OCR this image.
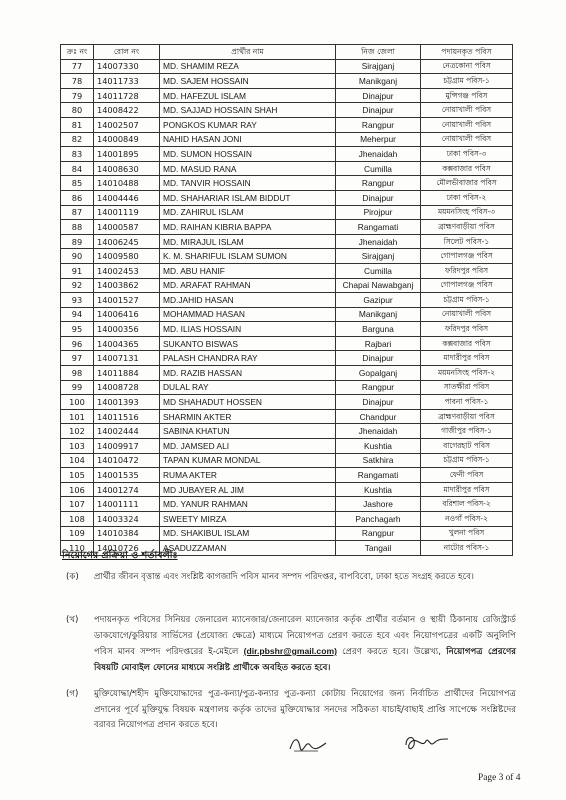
ক্রঃ নং	রোল নং	প্রার্থীর নাম	নিজ জেলা	পদায়নকৃত পবিস
77	14007330	MD. SHAMIM REZA	Sirajganj	নেত্রকোনা পবিস
78	14011733	MD. SAJEM HOSSAIN	Manikganj	চট্টগ্রাম পবিস-১
79	14011728	MD. HAFEZUL ISLAM	Dinajpur	মুন্সিগঞ্জ পবিস
80	14008422	MD. SAJJAD HOSSAIN SHAH	Dinajpur	নোয়াখালী পবিস
81	14002507	PONGKOS KUMAR RAY	Rangpur	নোয়াখালী পবিস
82	14000849	NAHID HASAN JONI	Meherpur	নোয়াখালী পবিস
83	14001895	MD. SUMON HOSSAIN	Jhenaidah	ঢাকা পবিস-৩
84	14008630	MD. MASUD RANA	Cumilla	কক্সবাজার পবিস
85	14010488	MD. TANVIR HOSSAIN	Rangpur	মৌলভীবাজার পবিস
86	14004446	MD. SHAHARIAR ISLAM BIDDUT	Dinajpur	ঢাকা পবিস-২
87	14001119	MD. ZAHIRUL ISLAM	Pirojpur	ময়মনসিংহ পবিস-৩
88	14000587	MD. RAIHAN KIBRIA BAPPA	Rangamati	ব্রাহ্মণবাড়ীয়া পবিস
89	14006245	MD. MIRAJUL ISLAM	Jhenaidah	সিলেট পবিস-১
90	14009580	K. M. SHARIFUL ISLAM SUMON	Sirajganj	গোপালগঞ্জ পবিস
91	14002453	MD. ABU HANIF	Cumilla	ফরিদপুর পবিস
92	14003862	MD. ARAFAT RAHMAN	Chapai Nawabganj	গোপালগঞ্জ পবিস
93	14001527	MD.JAHID HASAN	Gazipur	চট্টগ্রাম পবিস-১
94	14006416	MOHAMMAD HASAN	Manikganj	নোয়াখালী পবিস
95	14000356	MD. ILIAS HOSSAIN	Barguna	ফরিদপুর পবিস
96	14004365	SUKANTO BISWAS	Rajbari	কক্সবাজার পবিস
97	14007131	PALASH CHANDRA RAY	Dinajpur	মাদারীপুর পবিস
98	14011884	MD. RAZIB HASSAN	Gopalganj	ময়মনসিংহ পবিস-২
99	14008728	DULAL RAY	Rangpur	সাতক্ষীরা পবিস
100	14001393	MD SHAHADUT HOSSEN	Dinajpur	পাবনা পবিস-১
101	14011516	SHARMIN AKTER	Chandpur	ব্রাহ্মণবাড়ীয়া পবিস
102	14002444	SABINA KHATUN	Jhenaidah	গাজীপুর পবিস-১
103	14009917	MD. JAMSED ALI	Kushtia	বাগেরহাট পবিস
104	14010472	TAPAN KUMAR MONDAL	Satkhira	চট্টগ্রাম পবিস-১
105	14001535	RUMA AKTER	Rangamati	ফেনী পবিস
106	14001274	MD JUBAYER AL JIM	Kushtia	মাদারীপুর পবিস
107	14001111	MD. YANUR RAHMAN	Jashore	বরিশাল পবিস-২
108	14003324	SWEETY MIRZA	Panchagarh	নওগাঁ পবিস-২
109	14010384	MD. SHAKIBUL ISLAM	Rangpur	খুলনা পবিস
110	14010726	ASADUZZAMAN	Tangail	নাটোর পবিস-১
নিয়োগের প্রক্রিয়া ও শর্তাবলীঃ
(ক)	প্রার্থীর জীবন বৃত্তান্ত এবং সংশ্লিষ্ট কাগজাদি পবিস মানব সম্পদ পরিদপ্তর, বাপবিবো, ঢাকা হতে সংগ্রহ করতে হবে।
(খ)	পদায়নকৃত পবিসের সিনিয়র জেনারেল ম্যানেজার/জেনারেল ম্যানেজার কর্তৃক প্রার্থীর বর্তমান ও স্থায়ী ঠিকানায় রেজিস্ট্রার্ড ডাকযোগে/কুরিয়ার সার্ভিসের (প্রযোজ্য ক্ষেত্রে) মাধ্যমে নিয়োগপত্র প্রেরণ করতে হবে এবং নিয়োগপত্রের একটি অনুলিপি পবিস মানব সম্পদ পরিদপ্তরের ই-মেইলে (dir.pbshr@gmail.com) প্রেরণ করতে হবে। উল্লেখ্য, নিয়োগপত্র প্রেরণের বিষয়টি মোবাইল ফোনের মাধ্যমে সংশ্লিষ্ট প্রার্থীকে অবহিত করতে হবে।
(গ)	মুক্তিযোদ্ধা/শহীদ মুক্তিযোদ্ধাদের পুত্র-কন্যা/পুত্র-কন্যার পুত্র-কন্যা কোটায় নিয়োগের জন্য নির্বাচিত প্রার্থীদের নিয়োগপত্র প্রদানের পূর্বে মুক্তিযুদ্ধ বিষয়ক মন্ত্রণালয় কর্তৃক তাদের মুক্তিযোদ্ধার সনদের সঠিকতা যাচাই/বাছাই প্রাপ্তি সাপেক্ষে সংশ্লিষ্টদের বরাবর নিয়োগপত্র প্রদান করতে হবে।
Page 3 of 4
